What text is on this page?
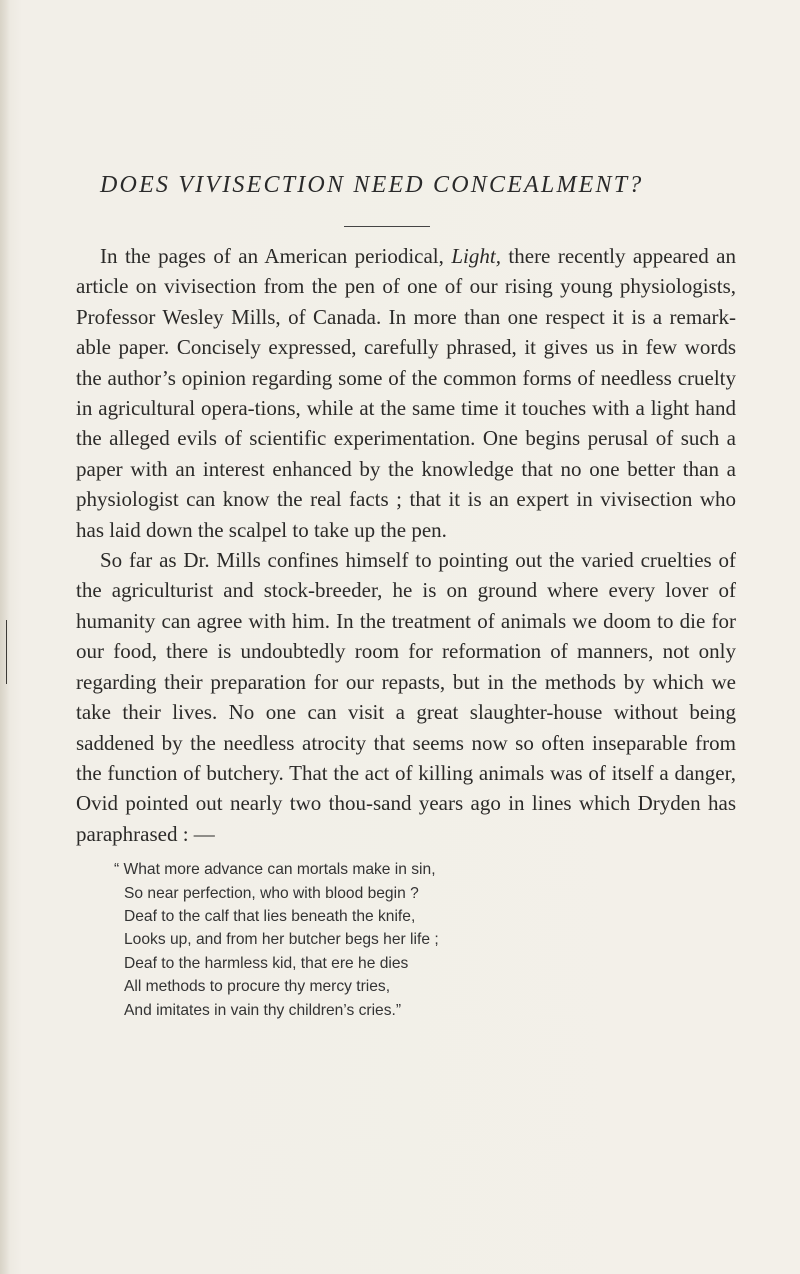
DOES VIVISECTION NEED CONCEALMENT?

In the pages of an American periodical, Light, there recently appeared an article on vivisection from the pen of one of our rising young physiologists, Professor Wesley Mills, of Canada. In more than one respect it is a remark-able paper. Concisely expressed, carefully phrased, it gives us in few words the author’s opinion regarding some of the common forms of needless cruelty in agricultural opera-tions, while at the same time it touches with a light hand the alleged evils of scientific experimentation. One begins perusal of such a paper with an interest enhanced by the knowledge that no one better than a physiologist can know the real facts ; that it is an expert in vivisection who has laid down the scalpel to take up the pen.

So far as Dr. Mills confines himself to pointing out the varied cruelties of the agriculturist and stock-breeder, he is on ground where every lover of humanity can agree with him. In the treatment of animals we doom to die for our food, there is undoubtedly room for reformation of manners, not only regarding their preparation for our repasts, but in the methods by which we take their lives. No one can visit a great slaughter-house without being saddened by the needless atrocity that seems now so often inseparable from the function of butchery. That the act of killing animals was of itself a danger, Ovid pointed out nearly two thou-sand years ago in lines which Dryden has paraphrased : —

“ What more advance can mortals make in sin,
So near perfection, who with blood begin ?
Deaf to the calf that lies beneath the knife,
Looks up, and from her butcher begs her life ;
Deaf to the harmless kid, that ere he dies
All methods to procure thy mercy tries,
And imitates in vain thy children’s cries.”
